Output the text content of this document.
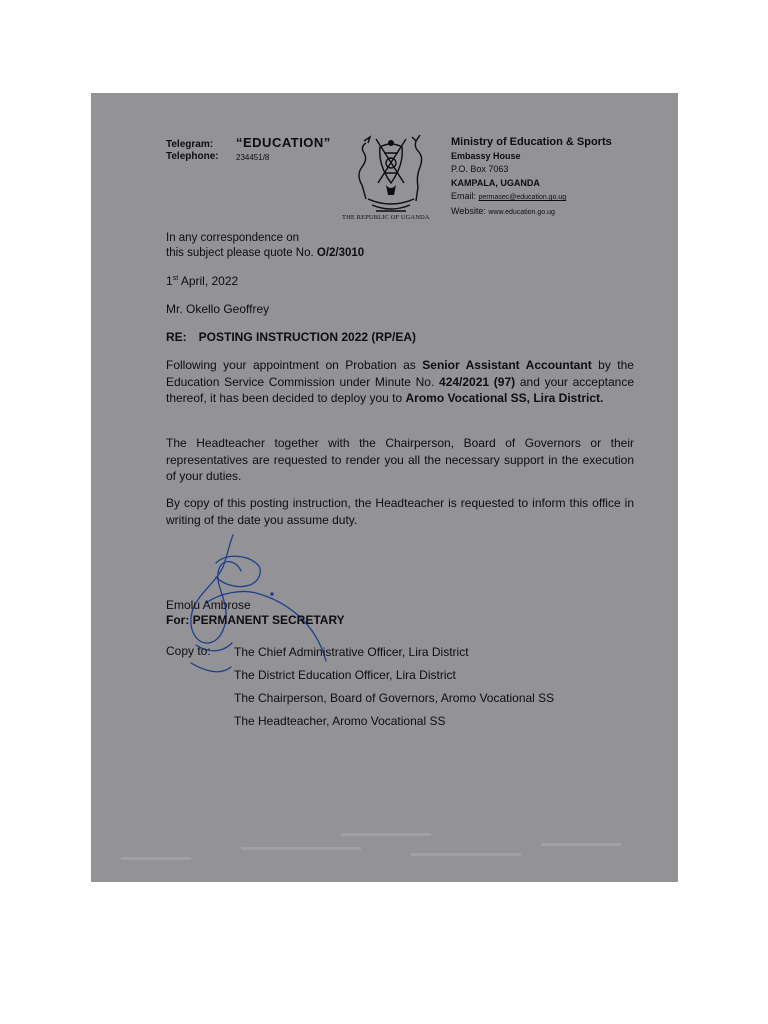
Telegram: “EDUCATION”
Telephone: 234451/8
THE REPUBLIC OF UGANDA
Ministry of Education & Sports
Embassy House
P.O. Box 7063
KAMPALA, UGANDA
Email: permasec@education.go.ug
Website: www.education.go.ug
In any correspondence on
this subject please quote No. O/2/3010
1st April, 2022
Mr. Okello Geoffrey
RE: POSTING INSTRUCTION 2022 (RP/EA)
Following your appointment on Probation as Senior Assistant Accountant by the Education Service Commission under Minute No. 424/2021 (97) and your acceptance thereof, it has been decided to deploy you to Aromo Vocational SS, Lira District.
The Headteacher together with the Chairperson, Board of Governors or their representatives are requested to render you all the necessary support in the execution of your duties.
By copy of this posting instruction, the Headteacher is requested to inform this office in writing of the date you assume duty.
Emolu Ambrose
For: PERMANENT SECRETARY
Copy to: The Chief Administrative Officer, Lira District
The District Education Officer, Lira District
The Chairperson, Board of Governors, Aromo Vocational SS
The Headteacher, Aromo Vocational SS
